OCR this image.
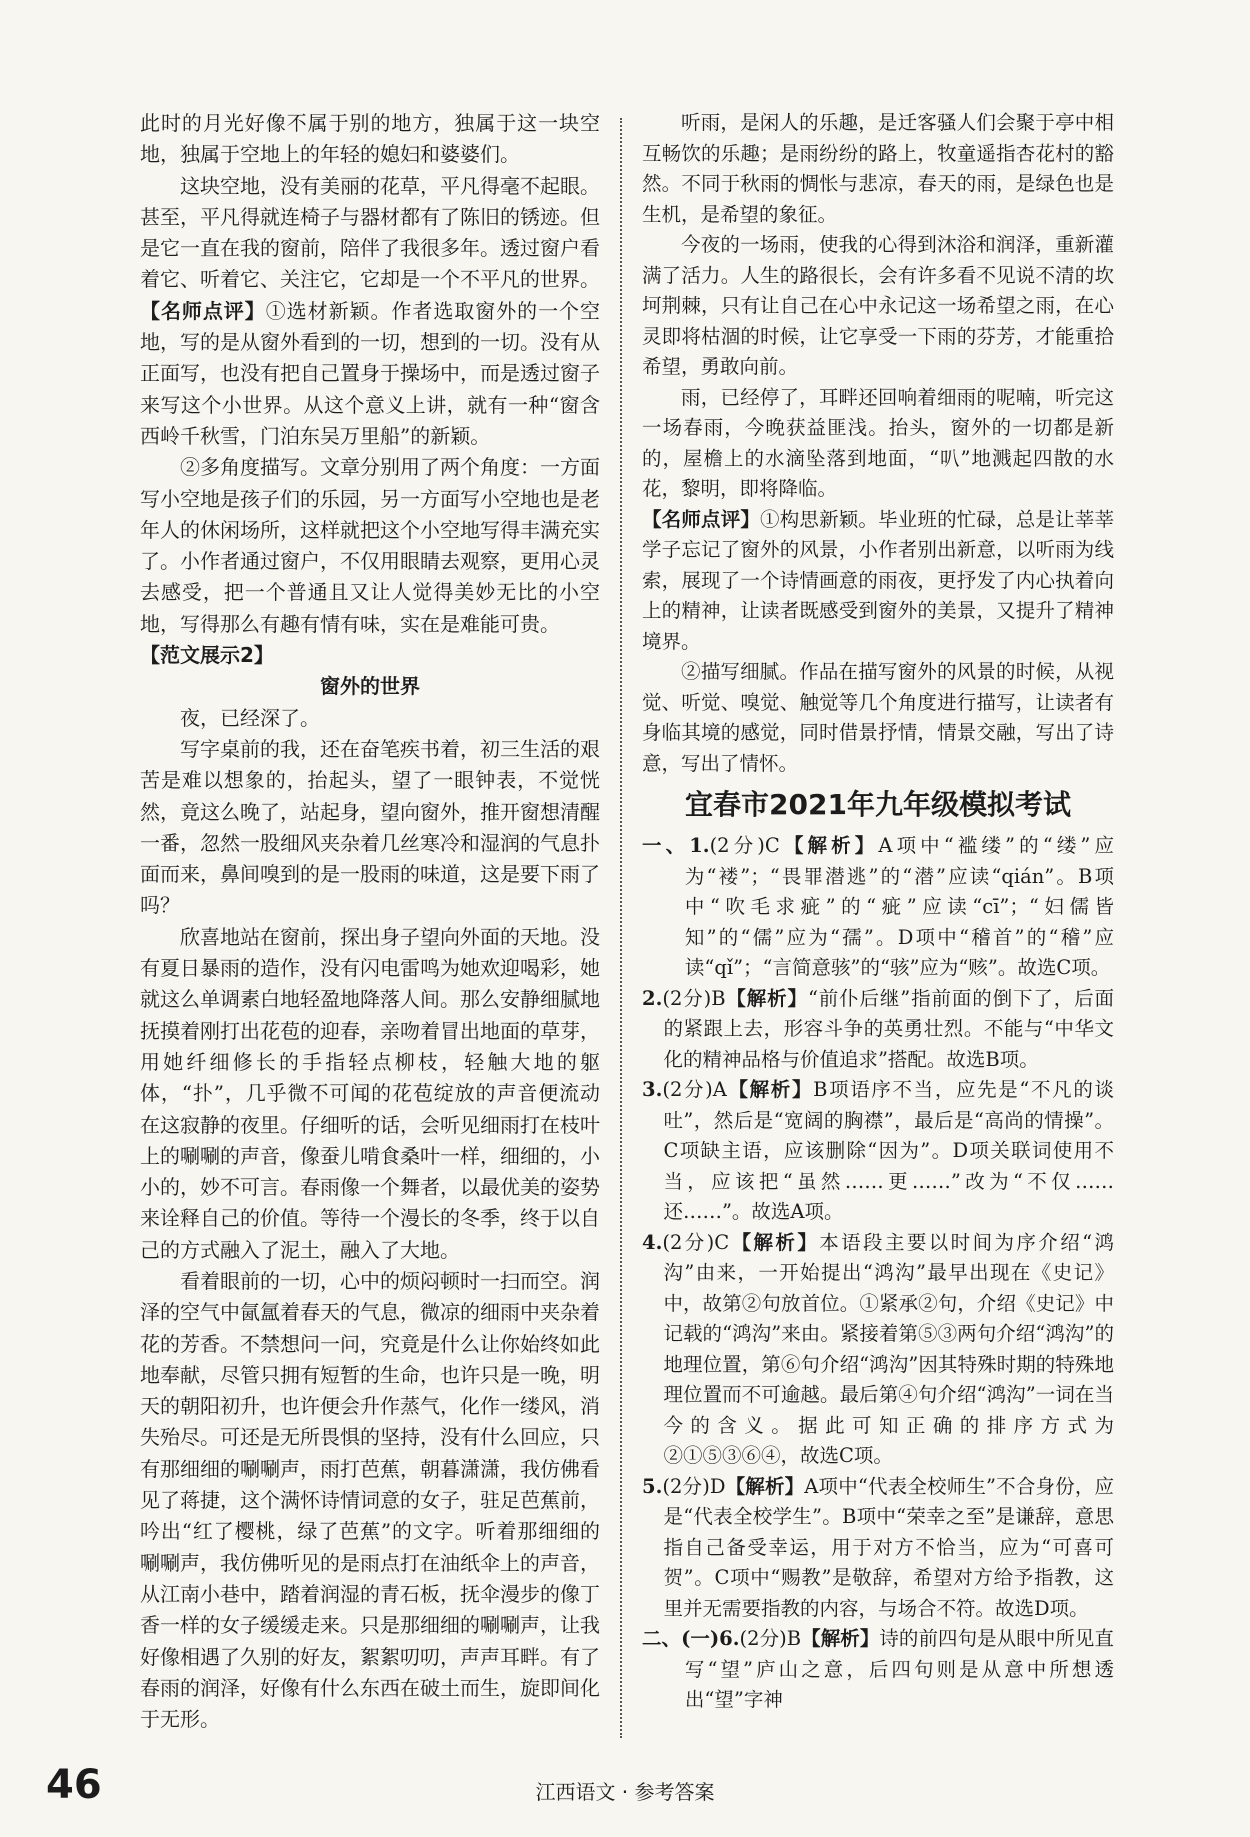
此时的月光好像不属于别的地方，独属于这一块空地，独属于空地上的年轻的媳妇和婆婆们。

这块空地，没有美丽的花草，平凡得毫不起眼。甚至，平凡得就连椅子与器材都有了陈旧的锈迹。但是它一直在我的窗前，陪伴了我很多年。透过窗户看着它、听着它、关注它，它却是一个不平凡的世界。

【名师点评】①选材新颖。作者选取窗外的一个空地，写的是从窗外看到的一切，想到的一切。没有从正面写，也没有把自己置身于操场中，而是透过窗子来写这个小世界。从这个意义上讲，就有一种“窗含西岭千秋雪，门泊东吴万里船”的新颖。

②多角度描写。文章分别用了两个角度：一方面写小空地是孩子们的乐园，另一方面写小空地也是老年人的休闲场所，这样就把这个小空地写得丰满充实了。小作者通过窗户，不仅用眼睛去观察，更用心灵去感受，把一个普通且又让人觉得美妙无比的小空地，写得那么有趣有情有味，实在是难能可贵。

【范文展示2】

窗外的世界

夜，已经深了。

写字桌前的我，还在奋笔疾书着，初三生活的艰苦是难以想象的，抬起头，望了一眼钟表，不觉恍然，竟这么晚了，站起身，望向窗外，推开窗想清醒一番，忽然一股细风夹杂着几丝寒冷和湿润的气息扑面而来，鼻间嗅到的是一股雨的味道，这是要下雨了吗？

欣喜地站在窗前，探出身子望向外面的天地。没有夏日暴雨的造作，没有闪电雷鸣为她欢迎喝彩，她就这么单调素白地轻盈地降落人间。那么安静细腻地抚摸着刚打出花苞的迎春，亲吻着冒出地面的草芽，用她纤细修长的手指轻点柳枝，轻触大地的躯体，“扑”，几乎微不可闻的花苞绽放的声音便流动在这寂静的夜里。仔细听的话，会听见细雨打在枝叶上的唰唰的声音，像蚕儿啃食桑叶一样，细细的，小小的，妙不可言。春雨像一个舞者，以最优美的姿势来诠释自己的价值。等待一个漫长的冬季，终于以自己的方式融入了泥土，融入了大地。

看着眼前的一切，心中的烦闷顿时一扫而空。润泽的空气中氤氲着春天的气息，微凉的细雨中夹杂着花的芳香。不禁想问一问，究竟是什么让你始终如此地奉献，尽管只拥有短暂的生命，也许只是一晚，明天的朝阳初升，也许便会升作蒸气，化作一缕风，消失殆尽。可还是无所畏惧的坚持，没有什么回应，只有那细细的唰唰声，雨打芭蕉，朝暮潇潇，我仿佛看见了蒋捷，这个满怀诗情词意的女子，驻足芭蕉前，吟出“红了樱桃，绿了芭蕉”的文字。听着那细细的唰唰声，我仿佛听见的是雨点打在油纸伞上的声音，从江南小巷中，踏着润湿的青石板，抚伞漫步的像丁香一样的女子缓缓走来。只是那细细的唰唰声，让我好像相遇了久别的好友，絮絮叨叨，声声耳畔。有了春雨的润泽，好像有什么东西在破土而生，旋即间化于无形。

听雨，是闲人的乐趣，是迁客骚人们会聚于亭中相互畅饮的乐趣；是雨纷纷的路上，牧童遥指杏花村的豁然。不同于秋雨的惆怅与悲凉，春天的雨，是绿色也是生机，是希望的象征。

今夜的一场雨，使我的心得到沐浴和润泽，重新灌满了活力。人生的路很长，会有许多看不见说不清的坎坷荆棘，只有让自己在心中永记这一场希望之雨，在心灵即将枯涸的时候，让它享受一下雨的芬芳，才能重拾希望，勇敢向前。

雨，已经停了，耳畔还回响着细雨的呢喃，听完这一场春雨，今晚获益匪浅。抬头，窗外的一切都是新的，屋檐上的水滴坠落到地面，“叭”地溅起四散的水花，黎明，即将降临。

【名师点评】①构思新颖。毕业班的忙碌，总是让莘莘学子忘记了窗外的风景，小作者别出新意，以听雨为线索，展现了一个诗情画意的雨夜，更抒发了内心执着向上的精神，让读者既感受到窗外的美景，又提升了精神境界。

②描写细腻。作品在描写窗外的风景的时候，从视觉、听觉、嗅觉、触觉等几个角度进行描写，让读者有身临其境的感觉，同时借景抒情，情景交融，写出了诗意，写出了情怀。

宜春市2021年九年级模拟考试

一、1.(2分)C【解析】A项中“褴缕”的“缕”应为“褛”；“畏罪潜逃”的“潜”应读“qián”。B项中“吹毛求疵”的“疵”应读“cī”；“妇儒皆知”的“儒”应为“孺”。D项中“稽首”的“稽”应读“qǐ”；“言简意骇”的“骇”应为“赅”。故选C项。

2.(2分)B【解析】“前仆后继”指前面的倒下了，后面的紧跟上去，形容斗争的英勇壮烈。不能与“中华文化的精神品格与价值追求”搭配。故选B项。

3.(2分)A【解析】B项语序不当，应先是“不凡的谈吐”，然后是“宽阔的胸襟”，最后是“高尚的情操”。C项缺主语，应该删除“因为”。D项关联词使用不当，应该把“虽然……更……”改为“不仅……还……”。故选A项。

4.(2分)C【解析】本语段主要以时间为序介绍“鸿沟”由来，一开始提出“鸿沟”最早出现在《史记》中，故第②句放首位。①紧承②句，介绍《史记》中记载的“鸿沟”来由。紧接着第⑤③两句介绍“鸿沟”的地理位置，第⑥句介绍“鸿沟”因其特殊时期的特殊地理位置而不可逾越。最后第④句介绍“鸿沟”一词在当今的含义。据此可知正确的排序方式为②①⑤③⑥④，故选C项。

5.(2分)D【解析】A项中“代表全校师生”不合身份，应是“代表全校学生”。B项中“荣幸之至”是谦辞，意思指自己备受幸运，用于对方不恰当，应为“可喜可贺”。C项中“赐教”是敬辞，希望对方给予指教，这里并无需要指教的内容，与场合不符。故选D项。

二、(一)6.(2分)B【解析】诗的前四句是从眼中所见直写“望”庐山之意，后四句则是从意中所想透出“望”字神

46	江西语文 · 参考答案
